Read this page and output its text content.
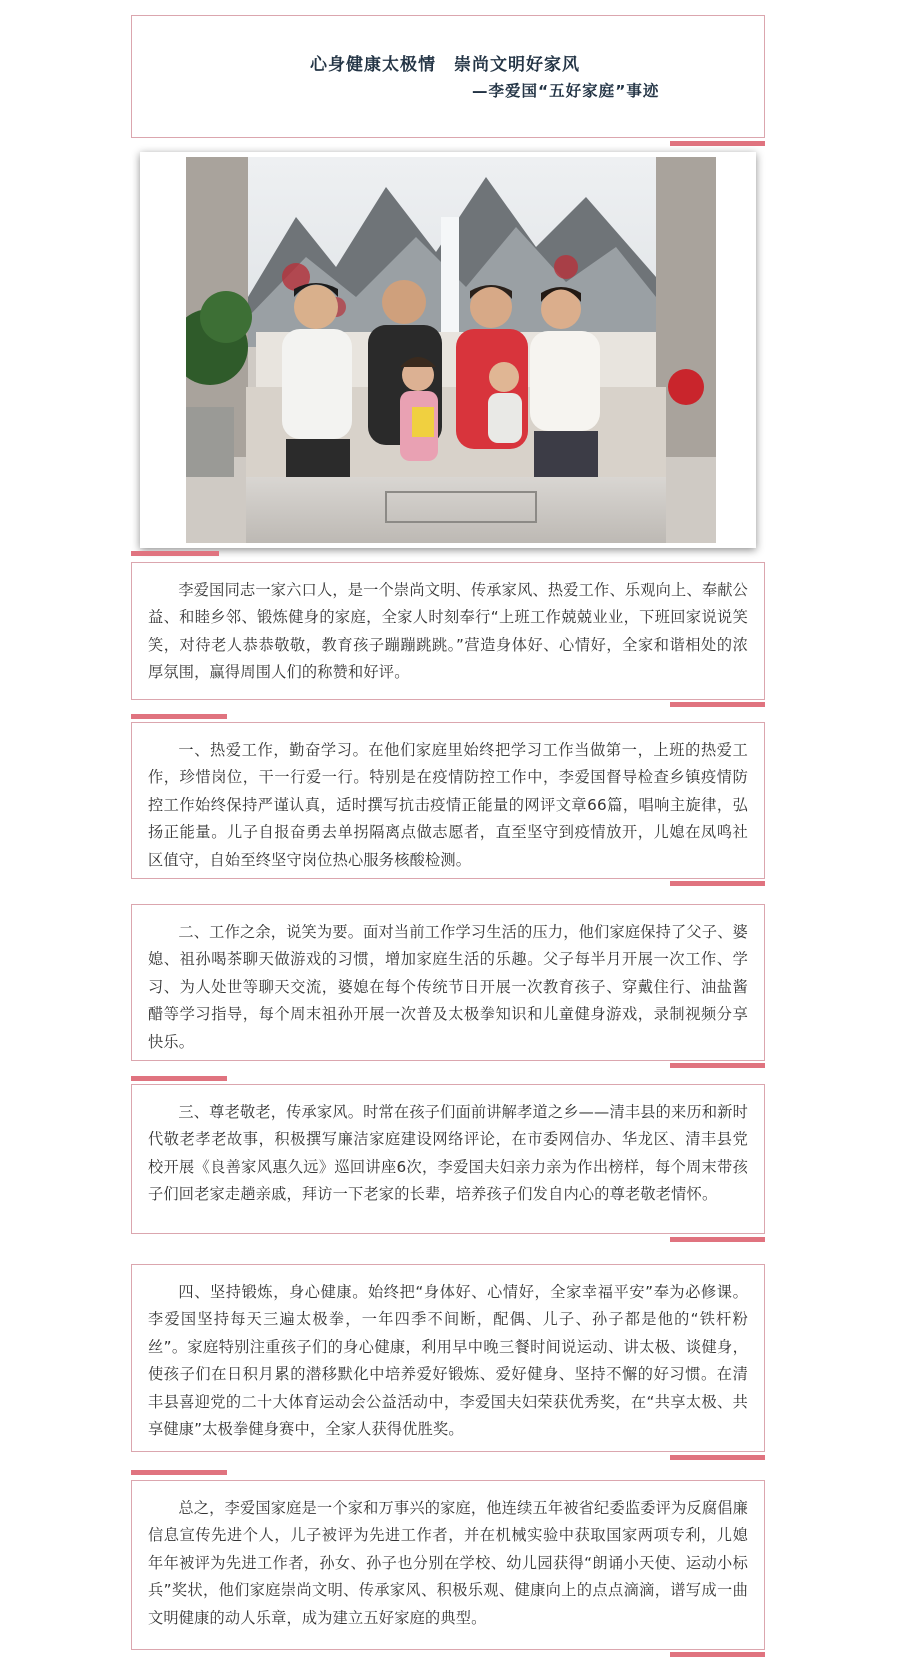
心身健康太极情　崇尚文明好家风
—李爱国“五好家庭”事迹

李爱国同志一家六口人，是一个崇尚文明、传承家风、热爱工作、乐观向上、奉献公益、和睦乡邻、锻炼健身的家庭，全家人时刻奉行“上班工作兢兢业业，下班回家说说笑笑，对待老人恭恭敬敬，教育孩子蹦蹦跳跳。”营造身体好、心情好，全家和谐相处的浓厚氛围，赢得周围人们的称赞和好评。

一、热爱工作，勤奋学习。在他们家庭里始终把学习工作当做第一，上班的热爱工作，珍惜岗位，干一行爱一行。特别是在疫情防控工作中，李爱国督导检查乡镇疫情防控工作始终保持严谨认真，适时撰写抗击疫情正能量的网评文章66篇，唱响主旋律，弘扬正能量。儿子自报奋勇去单拐隔离点做志愿者，直至坚守到疫情放开，儿媳在凤鸣社区值守，自始至终坚守岗位热心服务核酸检测。

二、工作之余，说笑为要。面对当前工作学习生活的压力，他们家庭保持了父子、婆媳、祖孙喝茶聊天做游戏的习惯，增加家庭生活的乐趣。父子每半月开展一次工作、学习、为人处世等聊天交流，婆媳在每个传统节日开展一次教育孩子、穿戴住行、油盐酱醋等学习指导，每个周末祖孙开展一次普及太极拳知识和儿童健身游戏，录制视频分享快乐。

三、尊老敬老，传承家风。时常在孩子们面前讲解孝道之乡——清丰县的来历和新时代敬老孝老故事，积极撰写廉洁家庭建设网络评论，在市委网信办、华龙区、清丰县党校开展《良善家风惠久远》巡回讲座6次，李爱国夫妇亲力亲为作出榜样，每个周末带孩子们回老家走趟亲戚，拜访一下老家的长辈，培养孩子们发自内心的尊老敬老情怀。

四、坚持锻炼，身心健康。始终把“身体好、心情好，全家幸福平安”奉为必修课。李爱国坚持每天三遍太极拳，一年四季不间断，配偶、儿子、孙子都是他的“铁杆粉丝”。家庭特别注重孩子们的身心健康，利用早中晚三餐时间说运动、讲太极、谈健身，使孩子们在日积月累的潜移默化中培养爱好锻炼、爱好健身、坚持不懈的好习惯。在清丰县喜迎党的二十大体育运动会公益活动中，李爱国夫妇荣获优秀奖，在“共享太极、共享健康”太极拳健身赛中，全家人获得优胜奖。

总之，李爱国家庭是一个家和万事兴的家庭，他连续五年被省纪委监委评为反腐倡廉信息宣传先进个人，儿子被评为先进工作者，并在机械实验中获取国家两项专利，儿媳年年被评为先进工作者，孙女、孙子也分别在学校、幼儿园获得“朗诵小天使、运动小标兵”奖状，他们家庭崇尚文明、传承家风、积极乐观、健康向上的点点滴滴，谱写成一曲文明健康的动人乐章，成为建立五好家庭的典型。
